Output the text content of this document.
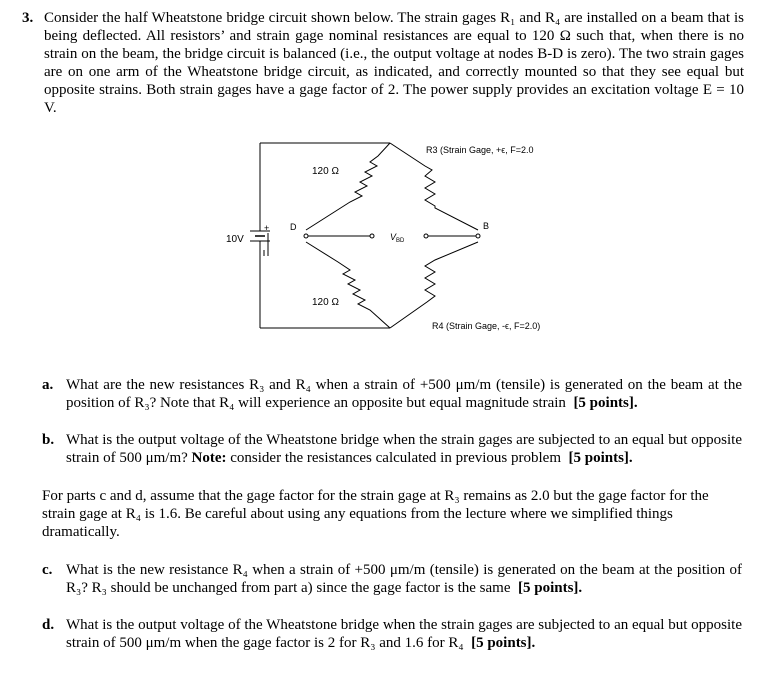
3. Consider the half Wheatstone bridge circuit shown below. The strain gages R₁ and R₄ are installed on a beam that is being deflected. All resistors’ and strain gage nominal resistances are equal to 120 Ω such that, when there is no strain on the beam, the bridge circuit is balanced (i.e., the output voltage at nodes B-D is zero). The two strain gages are on one arm of the Wheatstone bridge circuit, as indicated, and correctly mounted so that they see equal but opposite strains. Both strain gages have a gage factor of 2. The power supply provides an excitation voltage E = 10 V.
+
10V
120 Ω
120 Ω
R3 (Strain Gage, +ϵ, F=2.0
R4 (Strain Gage, -ϵ, F=2.0)
D	B
$V_{BD}$
a. What are the new resistances R₃ and R₄ when a strain of +500 μm/m (tensile) is generated on the beam at the position of R₃? Note that R₄ will experience an opposite but equal magnitude strain [5 points].
b. What is the output voltage of the Wheatstone bridge when the strain gages are subjected to an equal but opposite strain of 500 μm/m? Note: consider the resistances calculated in previous problem [5 points].
For parts c and d, assume that the gage factor for the strain gage at R₃ remains as 2.0 but the gage factor for the strain gage at R₄ is 1.6. Be careful about using any equations from the lecture where we simplified things dramatically.
c. What is the new resistance R₄ when a strain of +500 μm/m (tensile) is generated on the beam at the position of R₃? R₃ should be unchanged from part a) since the gage factor is the same [5 points].
d. What is the output voltage of the Wheatstone bridge when the strain gages are subjected to an equal but opposite strain of 500 μm/m when the gage factor is 2 for R₃ and 1.6 for R₄ [5 points].
